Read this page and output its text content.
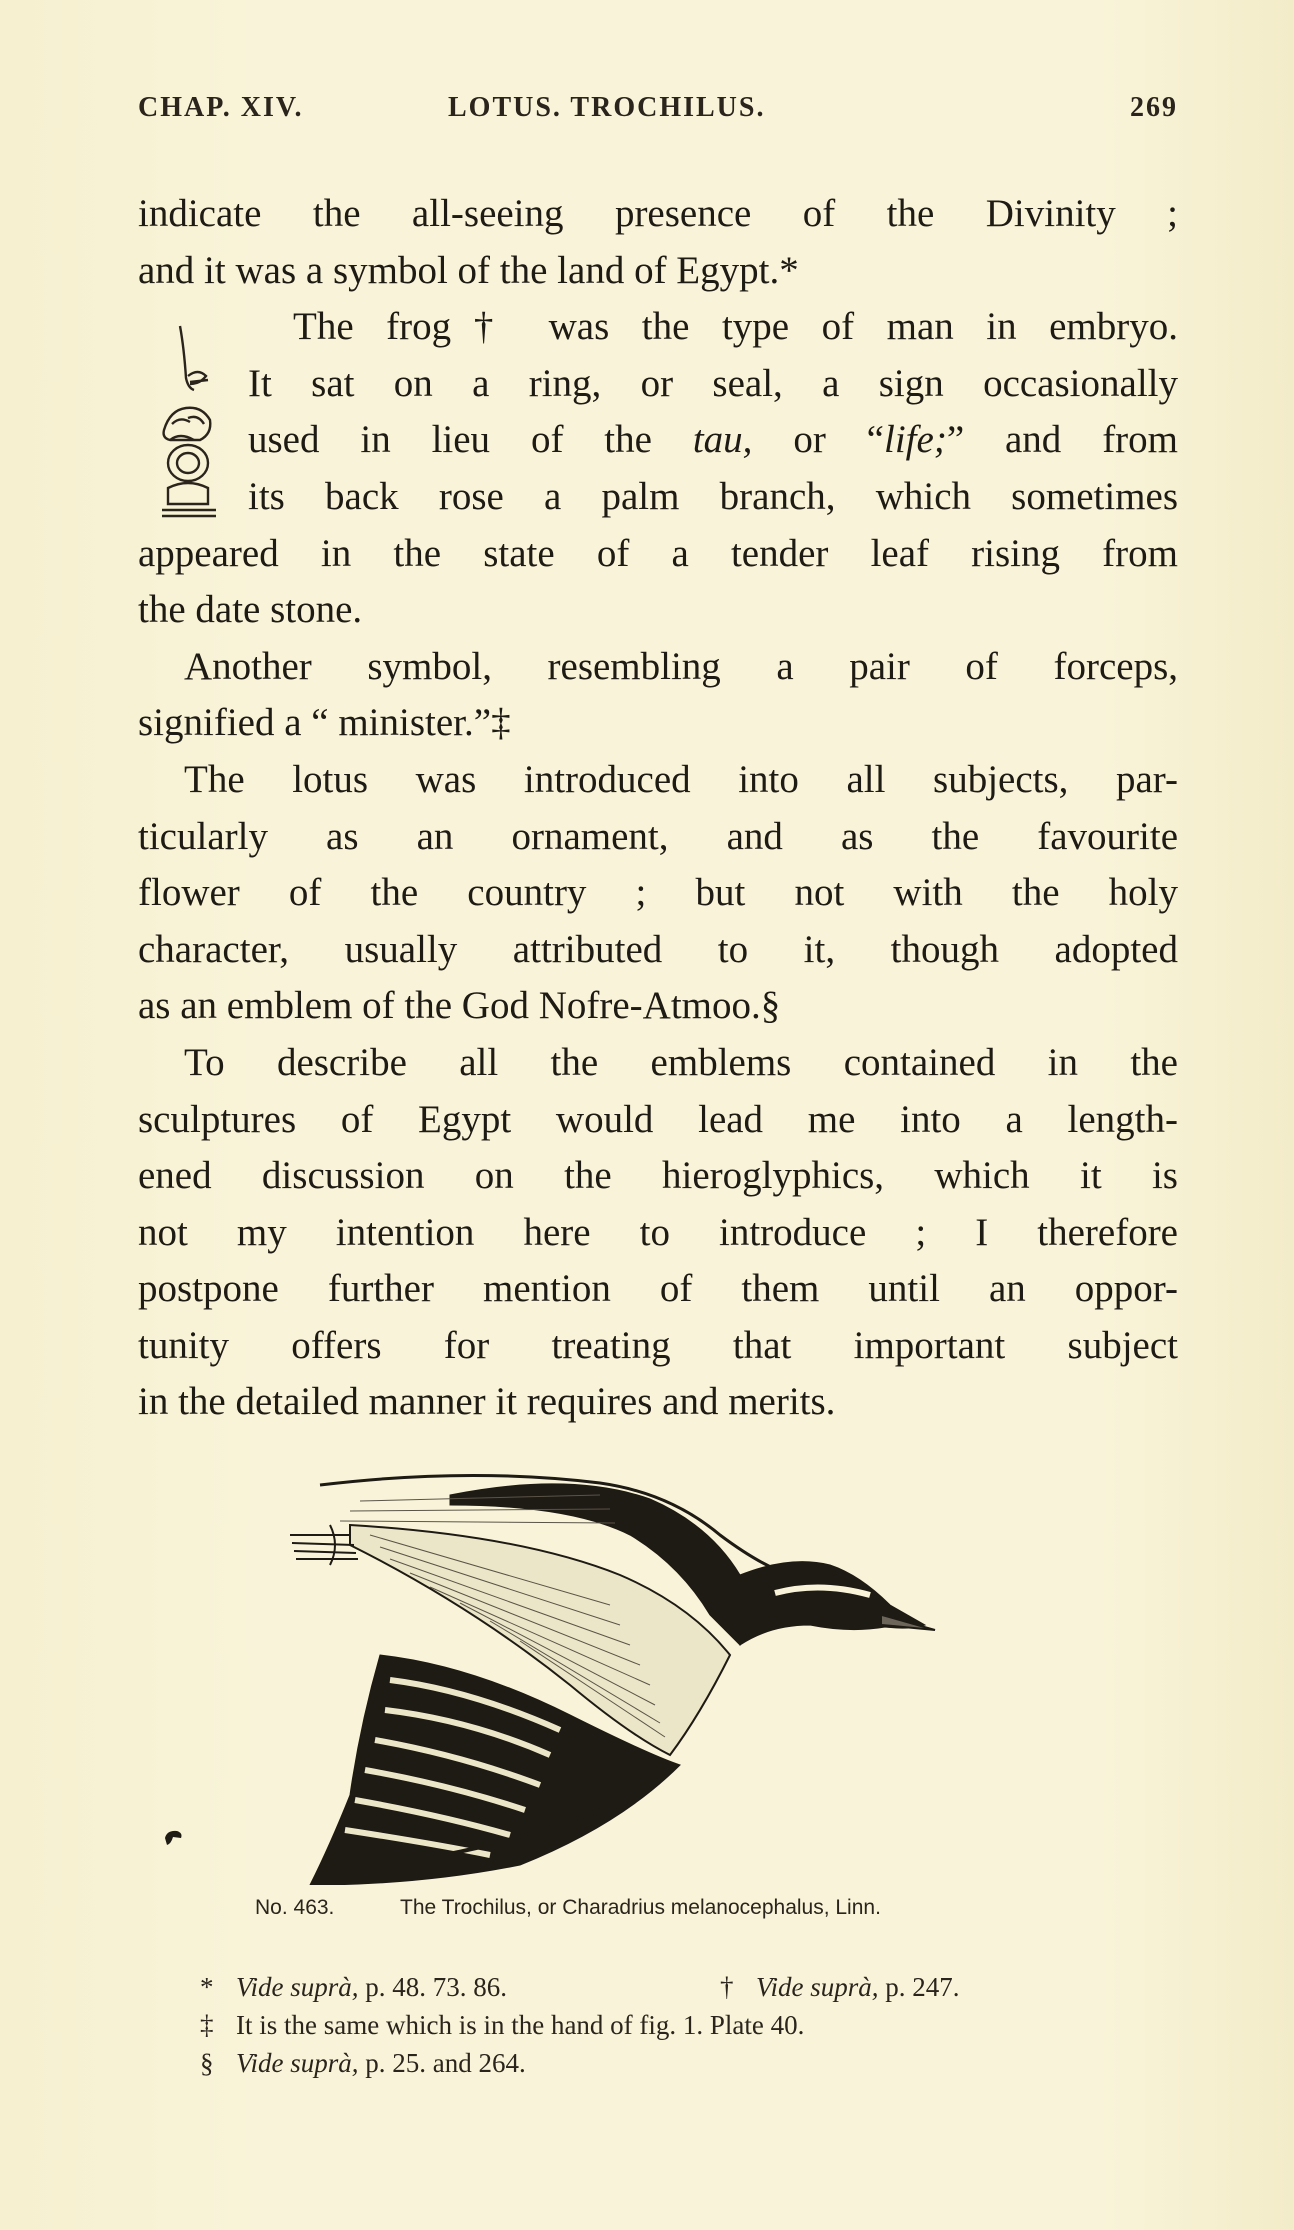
CHAP. XIV.	LOTUS. TROCHILUS.	269
indicate the all-seeing presence of the Divinity ;
and it was a symbol of the land of Egypt.*
The frog† was the type of man in embryo.
It sat on a ring, or seal, a sign occasionally
used in lieu of the tau, or “life;” and from
its back rose a palm branch, which sometimes
appeared in the state of a tender leaf rising from
the date stone.
Another symbol, resembling a pair of forceps,
signified a “ minister.”‡
The lotus was introduced into all subjects, par-
ticularly as an ornament, and as the favourite
flower of the country ; but not with the holy
character, usually attributed to it, though adopted
as an emblem of the God Nofre-Atmoo.§
To describe all the emblems contained in the
sculptures of Egypt would lead me into a length-
ened discussion on the hieroglyphics, which it is
not my intention here to introduce ; I therefore
postpone further mention of them until an oppor-
tunity offers for treating that important subject
in the detailed manner it requires and merits.
No. 463.	The Trochilus, or Charadrius melanocephalus, Linn.
* Vide suprà, p. 48. 73. 86.	† Vide suprà, p. 247.
‡ It is the same which is in the hand of fig. 1. Plate 40.
§ Vide suprà, p. 25. and 264.
